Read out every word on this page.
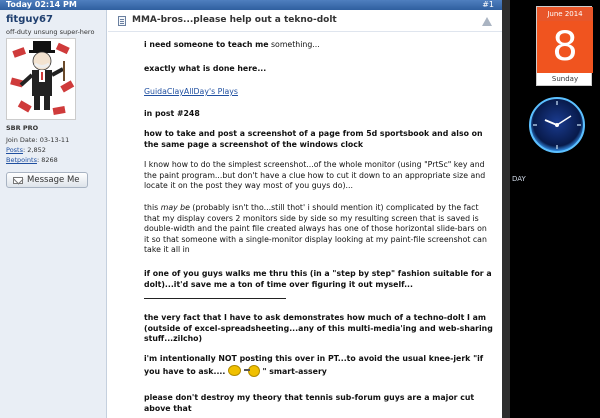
Today 02:14 PM	#1
fitguy67
off-duty unsung super-hero
SBR PRO
Join Date: 03-13-11
Posts: 2,852
Betpoints: 8268
Message Me
MMA-bros...please help out a tekno-dolt
i need someone to teach me something...
exactly what is done here...
GuidaClayAllDay's Plays
in post #248
how to take and post a screenshot of a page from 5d sportsbook and also on the same page a screenshot of the windows clock
I know how to do the simplest screenshot...of the whole monitor (using "PrtSc" key and the paint program...but don't have a clue how to cut it down to an appropriate size and locate it on the post they way most of you guys do)...
this may be (probably isn't tho...still thot' i should mention it) complicated by the fact that my display covers 2 monitors side by side so my resulting screen that is saved is double-width and the paint file created always has one of those horizontal slide-bars on it so that someone with a single-monitor display looking at my paint-file screenshot can take it all in
if one of you guys walks me thru this (in a "step by step" fashion suitable for a dolt)...it'd save me a ton of time over figuring it out myself...
the very fact that I have to ask demonstrates how much of a techno-dolt I am (outside of excel-spreadsheeting...any of this multi-media'ing and web-sharing stuff...zilcho)
i'm intentionally NOT posting this over in PT...to avoid the usual knee-jerk "if you have to ask....	" smart-assery
please don't destroy my theory that tennis sub-forum guys are a major cut above that
June 2014
8
Sunday
DAY
